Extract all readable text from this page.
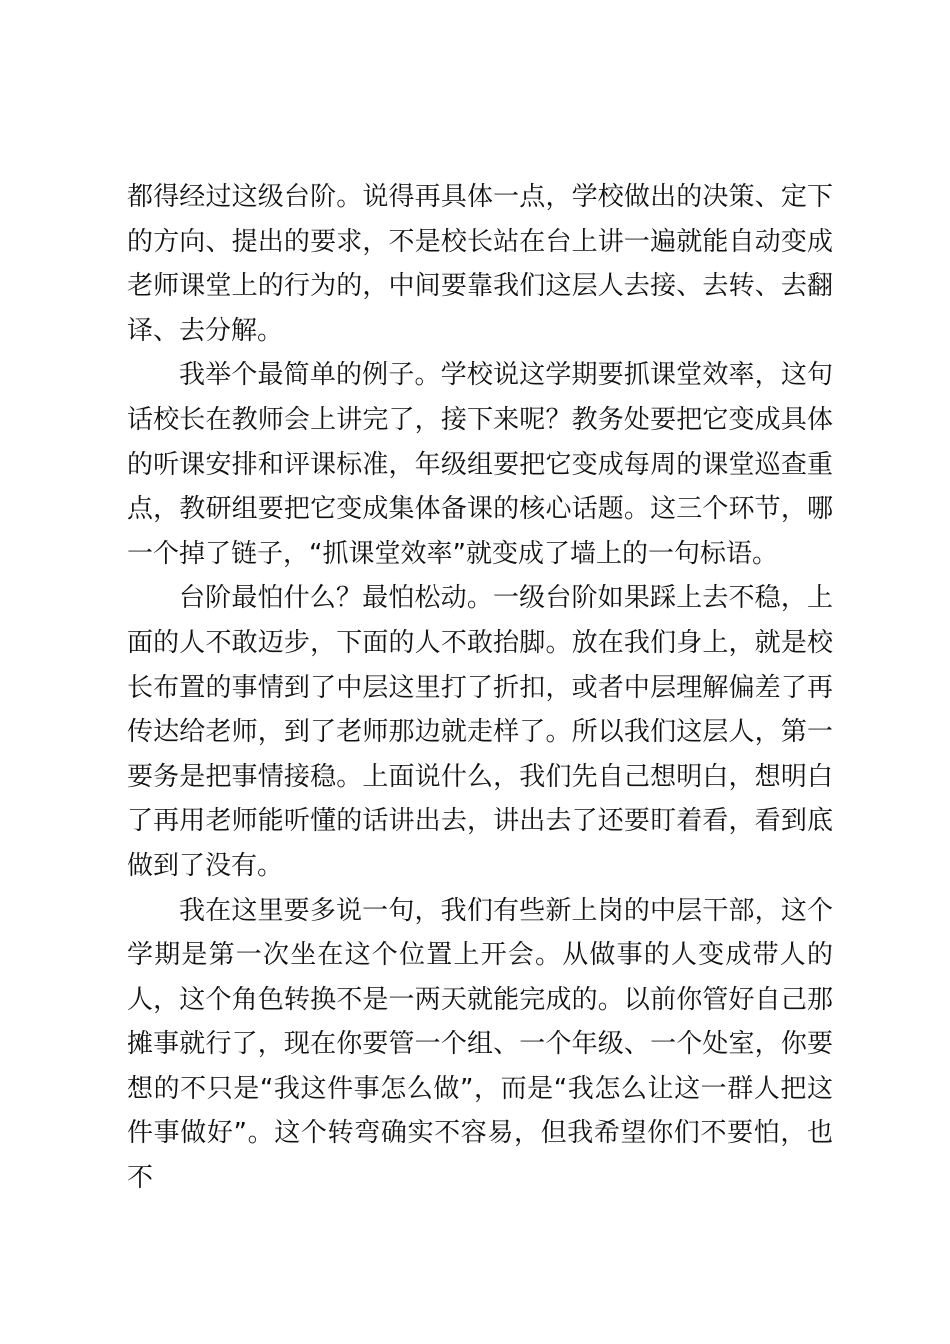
都得经过这级台阶。说得再具体一点，学校做出的决策、定下的方向、提出的要求，不是校长站在台上讲一遍就能自动变成老师课堂上的行为的，中间要靠我们这层人去接、去转、去翻译、去分解。

我举个最简单的例子。学校说这学期要抓课堂效率，这句话校长在教师会上讲完了，接下来呢？教务处要把它变成具体的听课安排和评课标准，年级组要把它变成每周的课堂巡查重点，教研组要把它变成集体备课的核心话题。这三个环节，哪一个掉了链子，“抓课堂效率”就变成了墙上的一句标语。

台阶最怕什么？最怕松动。一级台阶如果踩上去不稳，上面的人不敢迈步，下面的人不敢抬脚。放在我们身上，就是校长布置的事情到了中层这里打了折扣，或者中层理解偏差了再传达给老师，到了老师那边就走样了。所以我们这层人，第一要务是把事情接稳。上面说什么，我们先自己想明白，想明白了再用老师能听懂的话讲出去，讲出去了还要盯着看，看到底做到了没有。

我在这里要多说一句，我们有些新上岗的中层干部，这个学期是第一次坐在这个位置上开会。从做事的人变成带人的人，这个角色转换不是一两天就能完成的。以前你管好自己那摊事就行了，现在你要管一个组、一个年级、一个处室，你要想的不只是“我这件事怎么做”，而是“我怎么让这一群人把这件事做好”。这个转弯确实不容易，但我希望你们不要怕，也不
